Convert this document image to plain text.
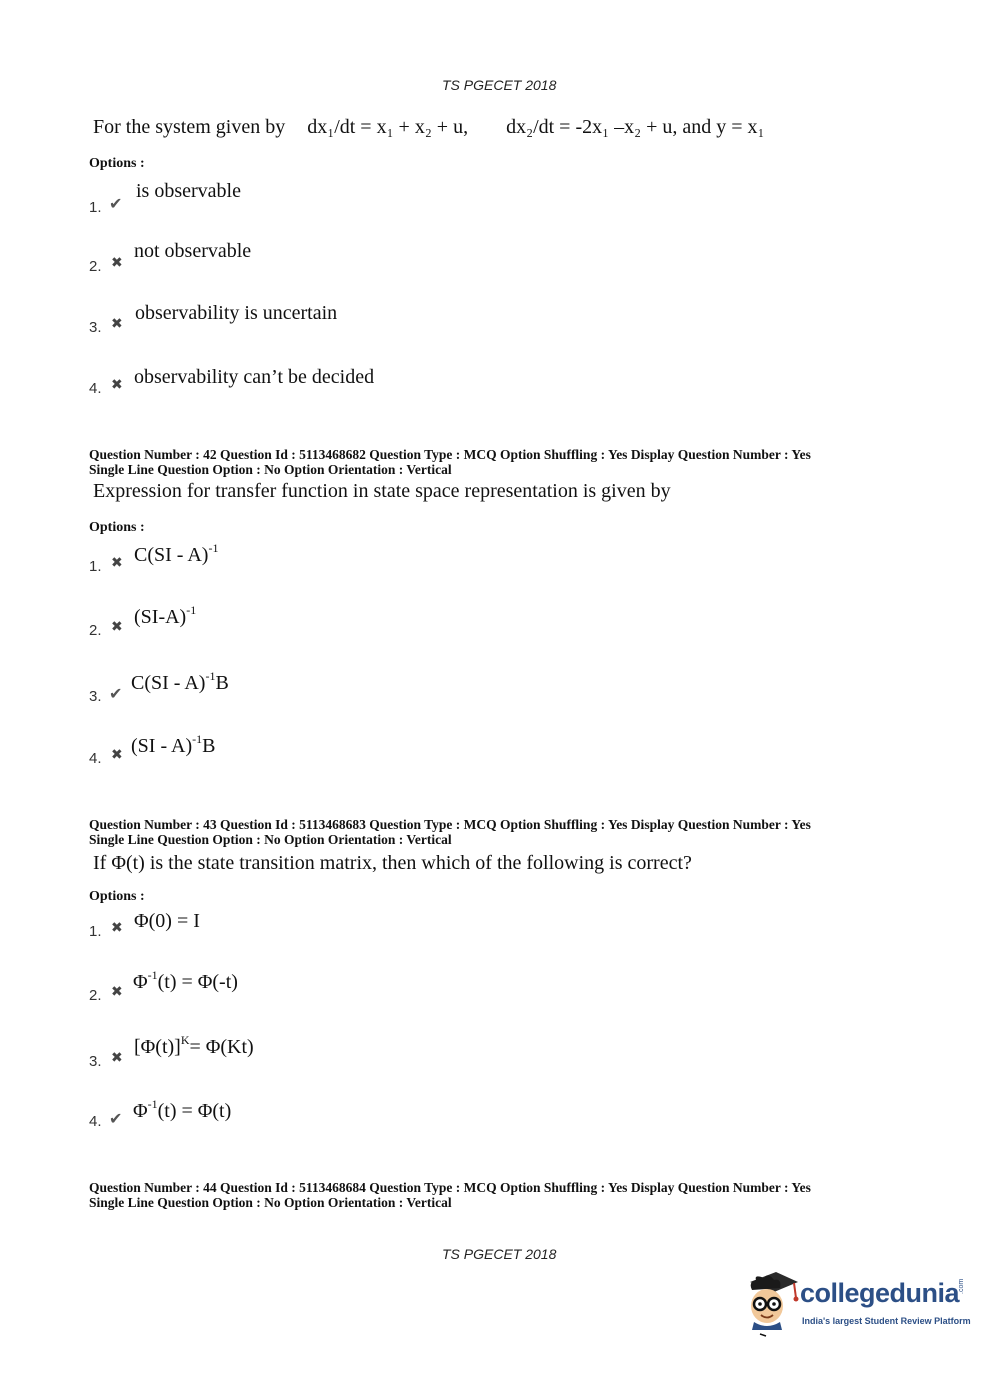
TS PGECET 2018
For the system given by dx₁/dt = x₁ + x₂ + u, dx₂/dt = -2x₁ –x₂ + u, and y = x₁
Options :
1. ✔
is observable
2. ✖
not observable
3. ✖ observability is uncertain
4. ✖ observability can’t be decided
Question Number : 42 Question Id : 5113468682 Question Type : MCQ Option Shuffling : Yes Display Question Number : Yes
Single Line Question Option : No Option Orientation : Vertical
Expression for transfer function in state space representation is given by
Options :
1. ✖ C(SI - A)$^{-1}$
2. ✖ $(SI-A)^{-1}$
3. ✔ C(SI - A)$^{-1}$B
4. ✖ (SI - A)$^{-1}$B
Question Number : 43 Question Id : 5113468683 Question Type : MCQ Option Shuffling : Yes Display Question Number : Yes
Single Line Question Option : No Option Orientation : Vertical
If Φ(t) is the state transition matrix, then which of the following is correct?
Options :
1. ✖ Φ(0) = I
2. ✖ $\Phi^{-1}(t) = \Phi(-t)$
3. ✖ $[\Phi(t)]^K= \Phi(Kt)$
4. ✔ $\Phi^{-1}(t) = \Phi(t)$
Question Number : 44 Question Id : 5113468684 Question Type : MCQ Option Shuffling : Yes Display Question Number : Yes
Single Line Question Option : No Option Orientation : Vertical
TS PGECET 2018
collegedunia
.com
India's largest Student Review Platform
